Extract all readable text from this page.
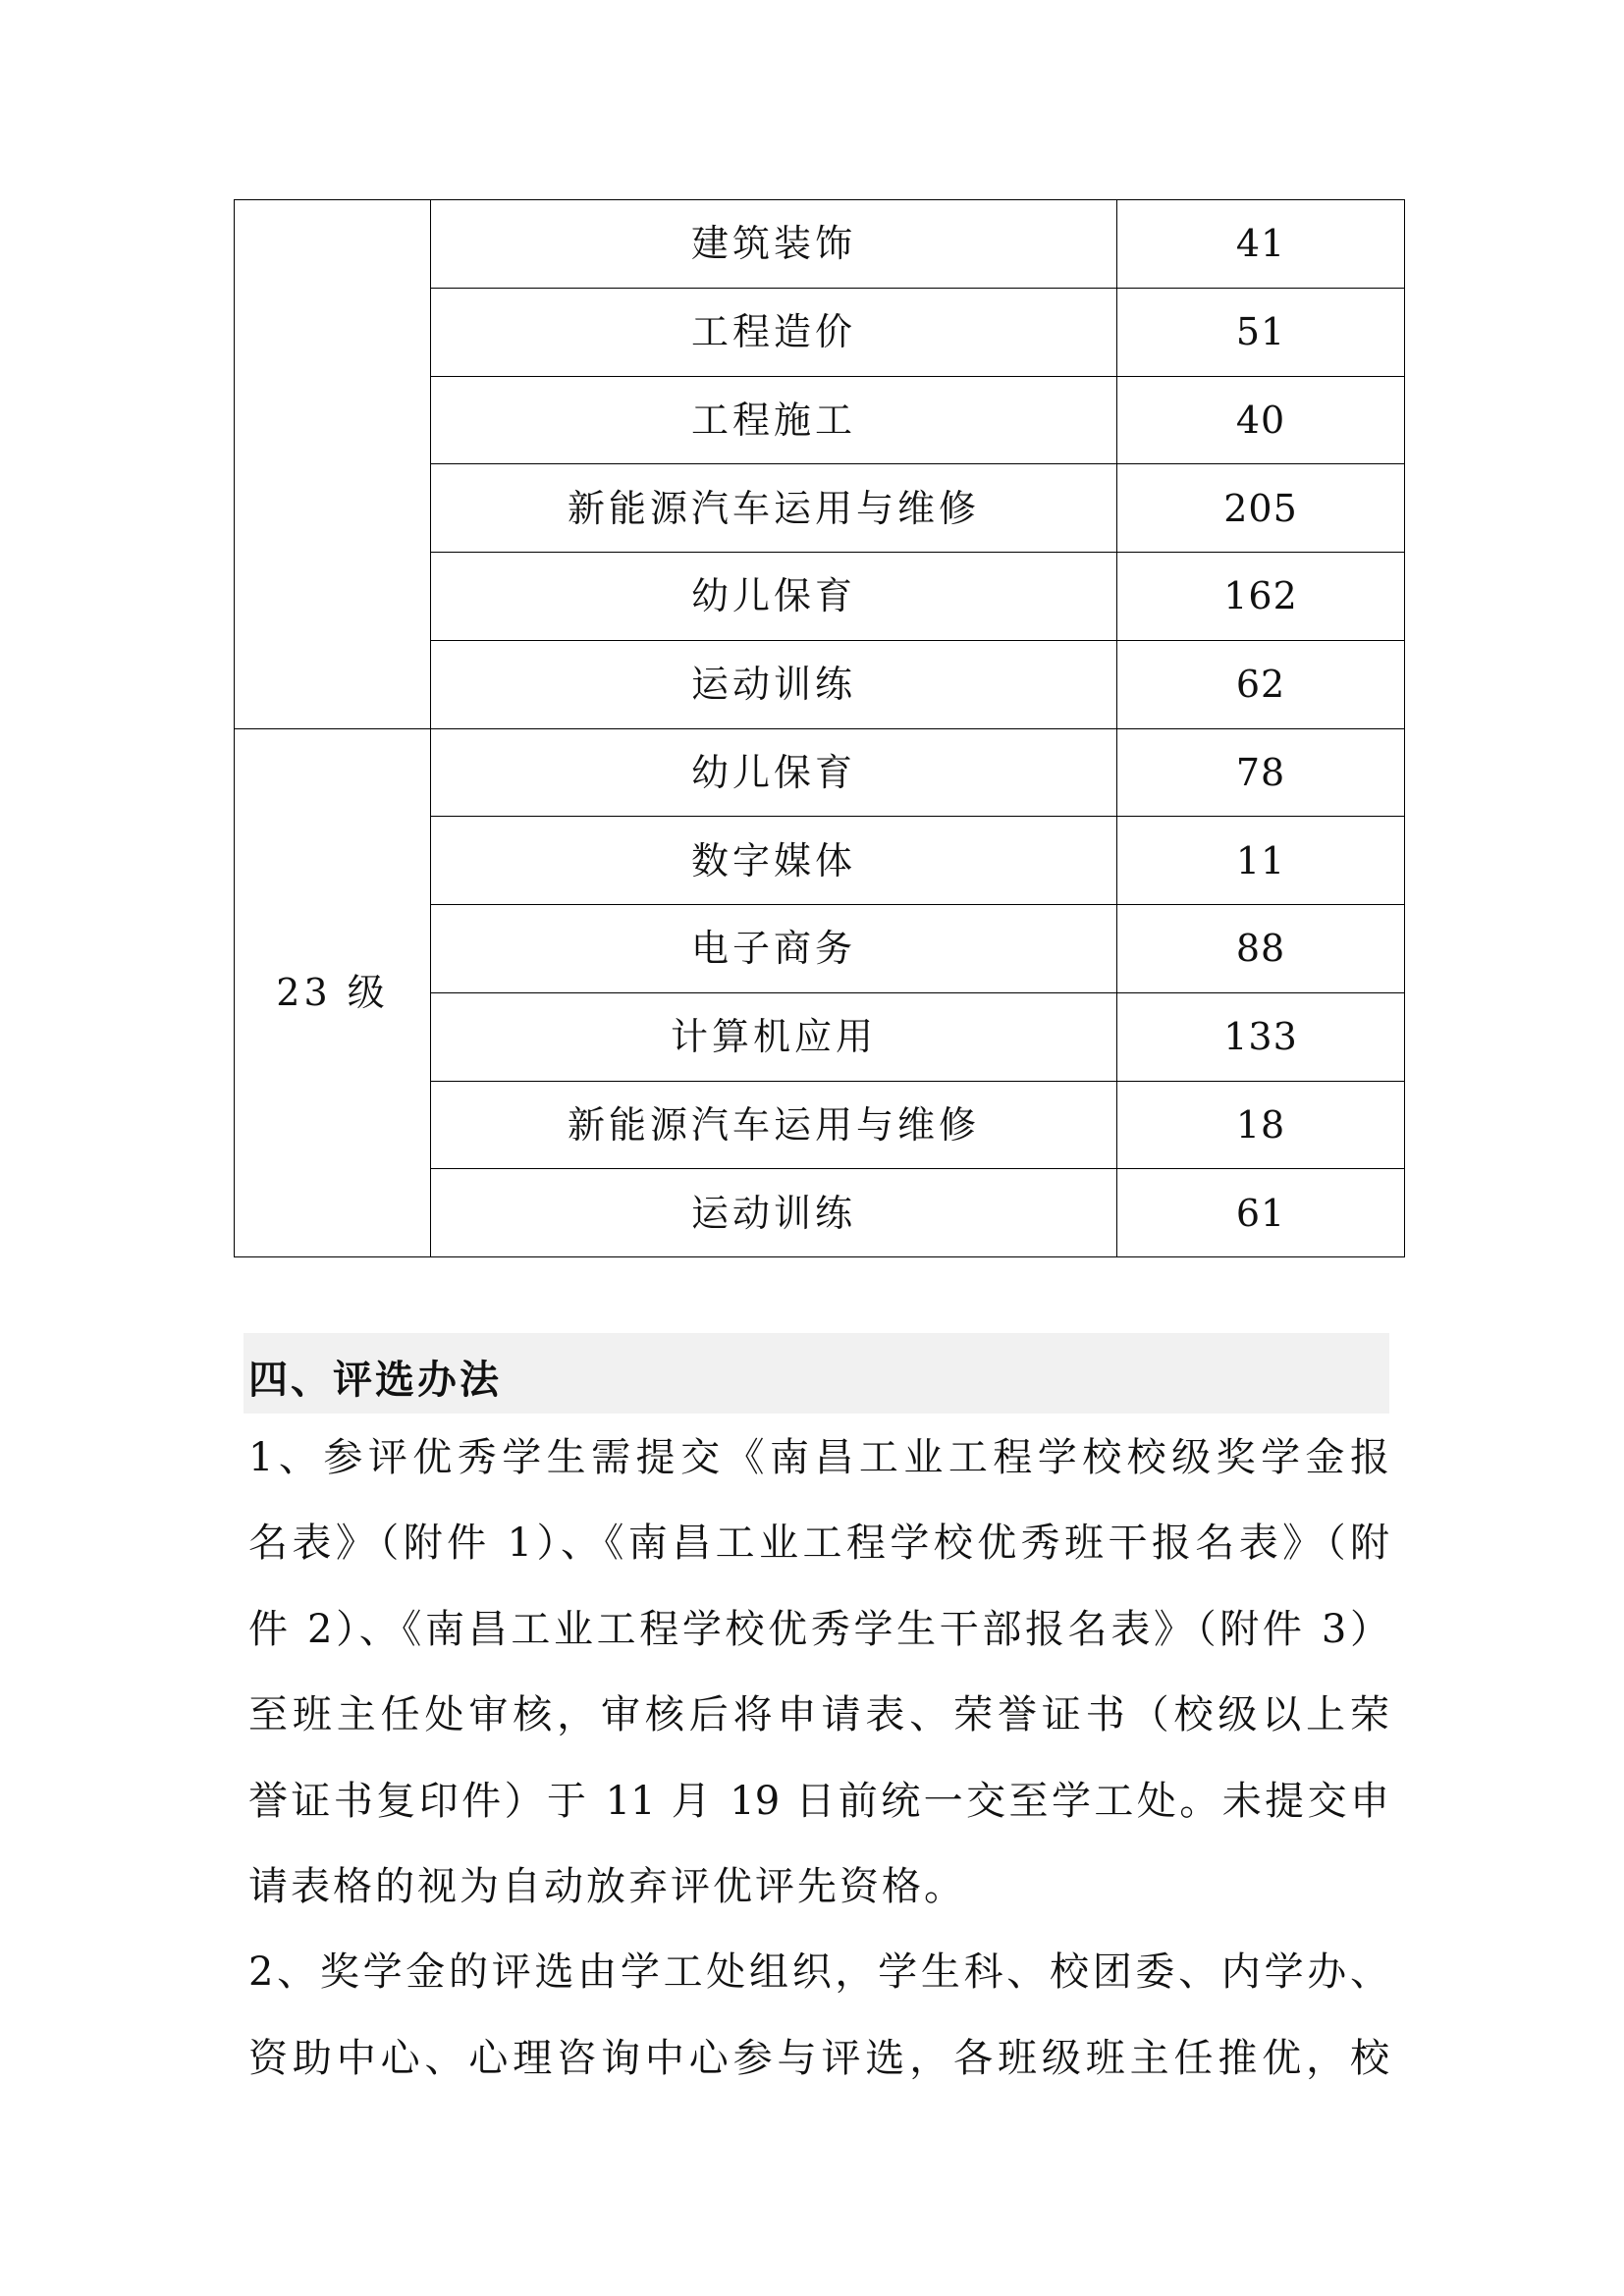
	建筑装饰	41
	工程造价	51
	工程施工	40
	新能源汽车运用与维修	205
	幼儿保育	162
	运动训练	62
23 级	幼儿保育	78
	数字媒体	11
	电子商务	88
	计算机应用	133
	新能源汽车运用与维修	18
	运动训练	61
四、评选办法
1、参评优秀学生需提交《南昌工业工程学校校级奖学金报
名表》（附件 1）、《南昌工业工程学校优秀班干报名表》（附
件 2）、《南昌工业工程学校优秀学生干部报名表》（附件 3）
至班主任处审核，审核后将申请表、荣誉证书（校级以上荣
誉证书复印件）于 11 月 19 日前统一交至学工处。未提交申
请表格的视为自动放弃评优评先资格。
2、奖学金的评选由学工处组织，学生科、校团委、内学办、
资助中心、心理咨询中心参与评选，各班级班主任推优，校
